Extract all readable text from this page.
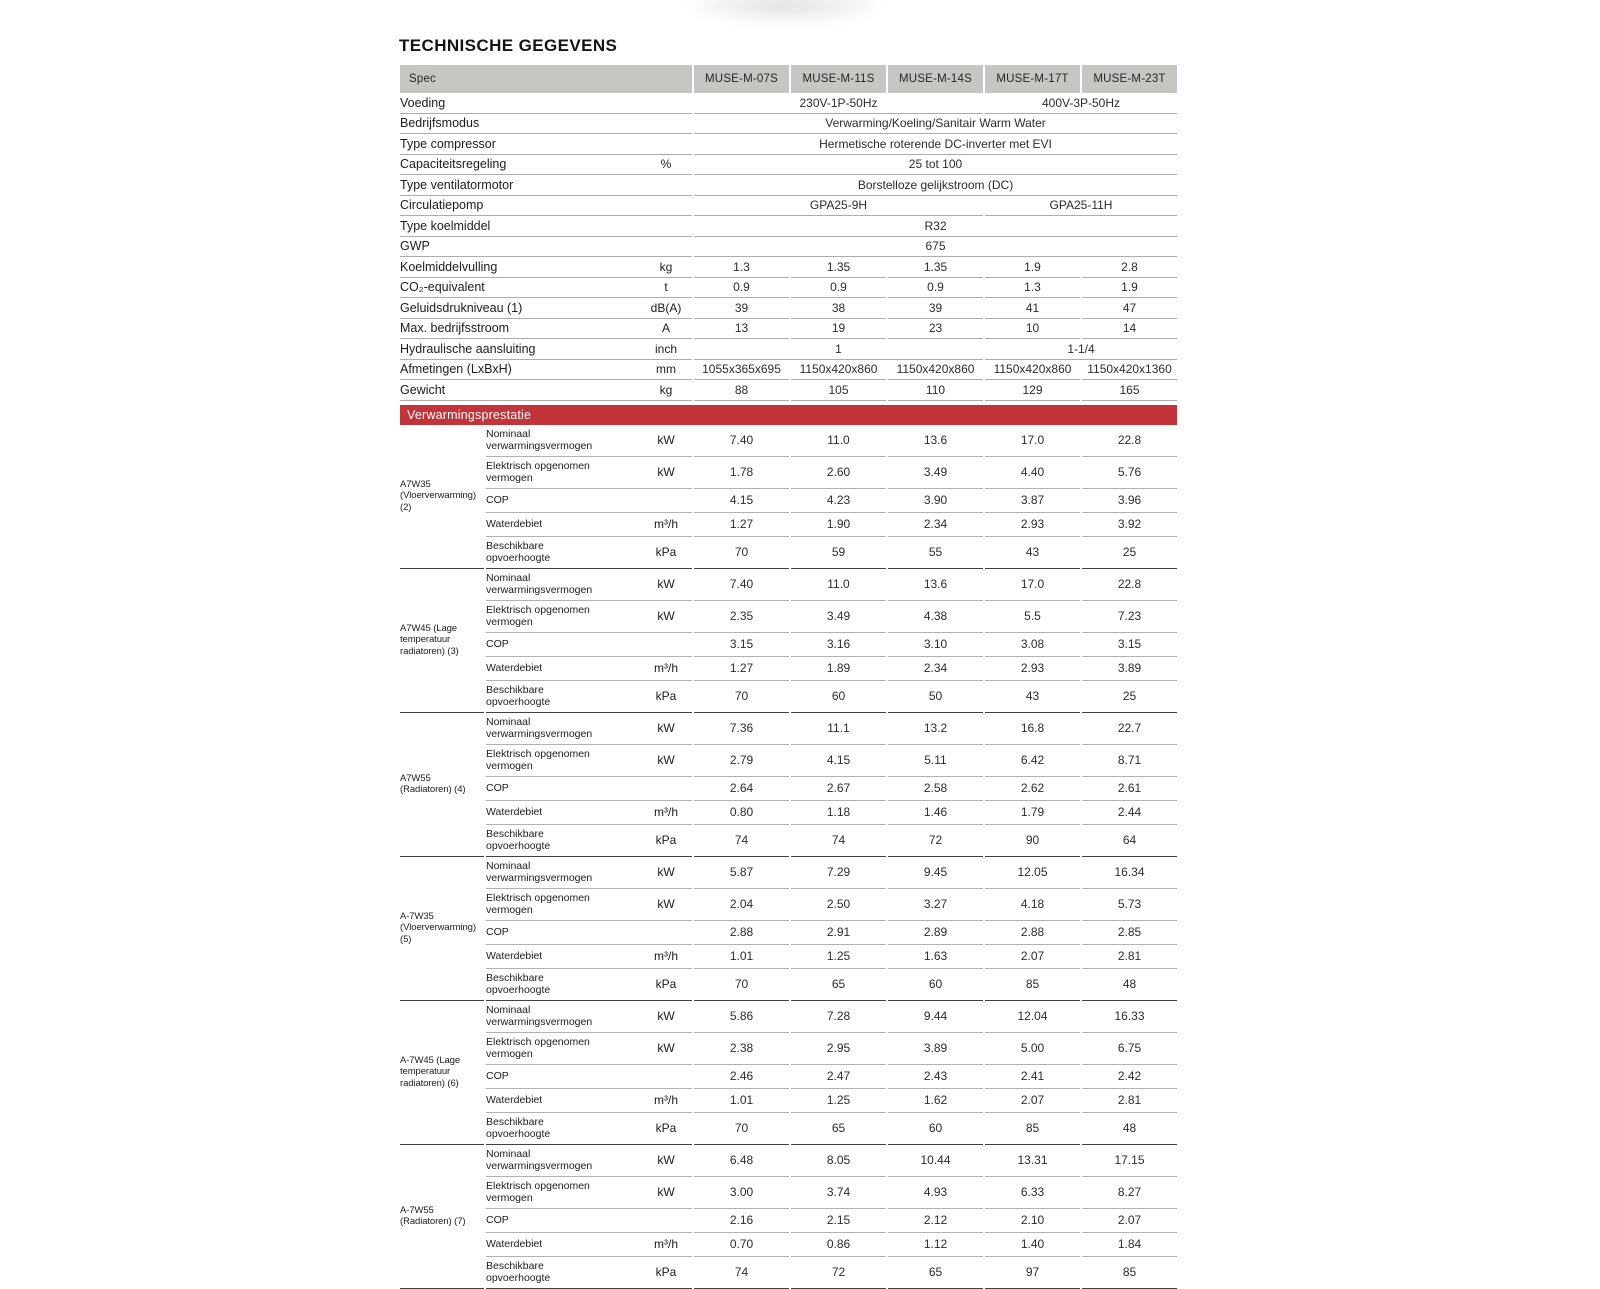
TECHNISCHE GEGEVENS
Spec		MUSE-M-07S	MUSE-M-11S	MUSE-M-14S	MUSE-M-17T	MUSE-M-23T
Voeding		230V-1P-50Hz			400V-3P-50Hz	
Bedrijfsmodus		Verwarming/Koeling/Sanitair Warm Water				
Type compressor		Hermetische roterende DC-inverter met EVI				
Capaciteitsregeling %		25 tot 100				
Type ventilatormotor		Borstelloze gelijkstroom (DC)				
Circulatiepomp		GPA25-9H			GPA25-11H	
Type koelmiddel		R32				
GWP		675				
Koelmiddelvulling kg		1.3	1.35	1.35	1.9	2.8
CO₂-equivalent t		0.9	0.9	0.9	1.3	1.9
Geluidsdrukniveau (1) dB(A)		39	38	39	41	47
Max. bedrijfsstroom A		13	19	23	10	14
Hydraulische aansluiting inch		1			1-1/4	
Afmetingen (LxBxH) mm		1055x365x695	1150x420x860	1150x420x860	1150x420x860	1150x420x1360
Gewicht kg		88	105	110	129	165

Verwarmingsprestatie						

A7W35 (Vloerverwarming) (2)	Nominaal verwarmingsvermogen kW	7.40	11.0	13.6	17.0	22.8

	Elektrisch opgenomen vermogen kW	1.78	2.60	3.49	4.40	5.76

	COP	4.15	4.23	3.90	3.87	3.96

	Waterdebiet m³/h	1.27	1.90	2.34	2.93	3.92

	Beschikbare opvoerhoogte kPa	70	59	55	43	25
A7W45 (Lage temperatuur radiatoren) (3)	Nominaal verwarmingsvermogen kW	7.40	11.0	13.6	17.0	22.8

	Elektrisch opgenomen vermogen kW	2.35	3.49	4.38	5.5	7.23

	COP	3.15	3.16	3.10	3.08	3.15

	Waterdebiet m³/h	1.27	1.89	2.34	2.93	3.89

	Beschikbare opvoerhoogte kPa	70	60	50	43	25
A7W55 (Radiatoren) (4)	Nominaal verwarmingsvermogen kW	7.36	11.1	13.2	16.8	22.7

	Elektrisch opgenomen vermogen kW	2.79	4.15	5.11	6.42	8.71

	COP	2.64	2.67	2.58	2.62	2.61

	Waterdebiet m³/h	0.80	1.18	1.46	1.79	2.44

	Beschikbare opvoerhoogte kPa	74	74	72	90	64
A-7W35 (Vloerverwarming) (5)	Nominaal verwarmingsvermogen kW	5.87	7.29	9.45	12.05	16.34

	Elektrisch opgenomen vermogen kW	2.04	2.50	3.27	4.18	5.73

	COP	2.88	2.91	2.89	2.88	2.85

	Waterdebiet m³/h	1.01	1.25	1.63	2.07	2.81

	Beschikbare opvoerhoogte kPa	70	65	60	85	48
A-7W45 (Lage temperatuur radiatoren) (6)	Nominaal verwarmingsvermogen kW	5.86	7.28	9.44	12.04	16.33

	Elektrisch opgenomen vermogen kW	2.38	2.95	3.89	5.00	6.75

	COP	2.46	2.47	2.43	2.41	2.42

	Waterdebiet m³/h	1.01	1.25	1.62	2.07	2.81

	Beschikbare opvoerhoogte kPa	70	65	60	85	48
A-7W55 (Radiatoren) (7)	Nominaal verwarmingsvermogen kW	6.48	8.05	10.44	13.31	17.15

	Elektrisch opgenomen vermogen kW	3.00	3.74	4.93	6.33	8.27

	COP	2.16	2.15	2.12	2.10	2.07

	Waterdebiet m³/h	0.70	0.86	1.12	1.40	1.84

	Beschikbare opvoerhoogte kPa	74	72	65	97	85
